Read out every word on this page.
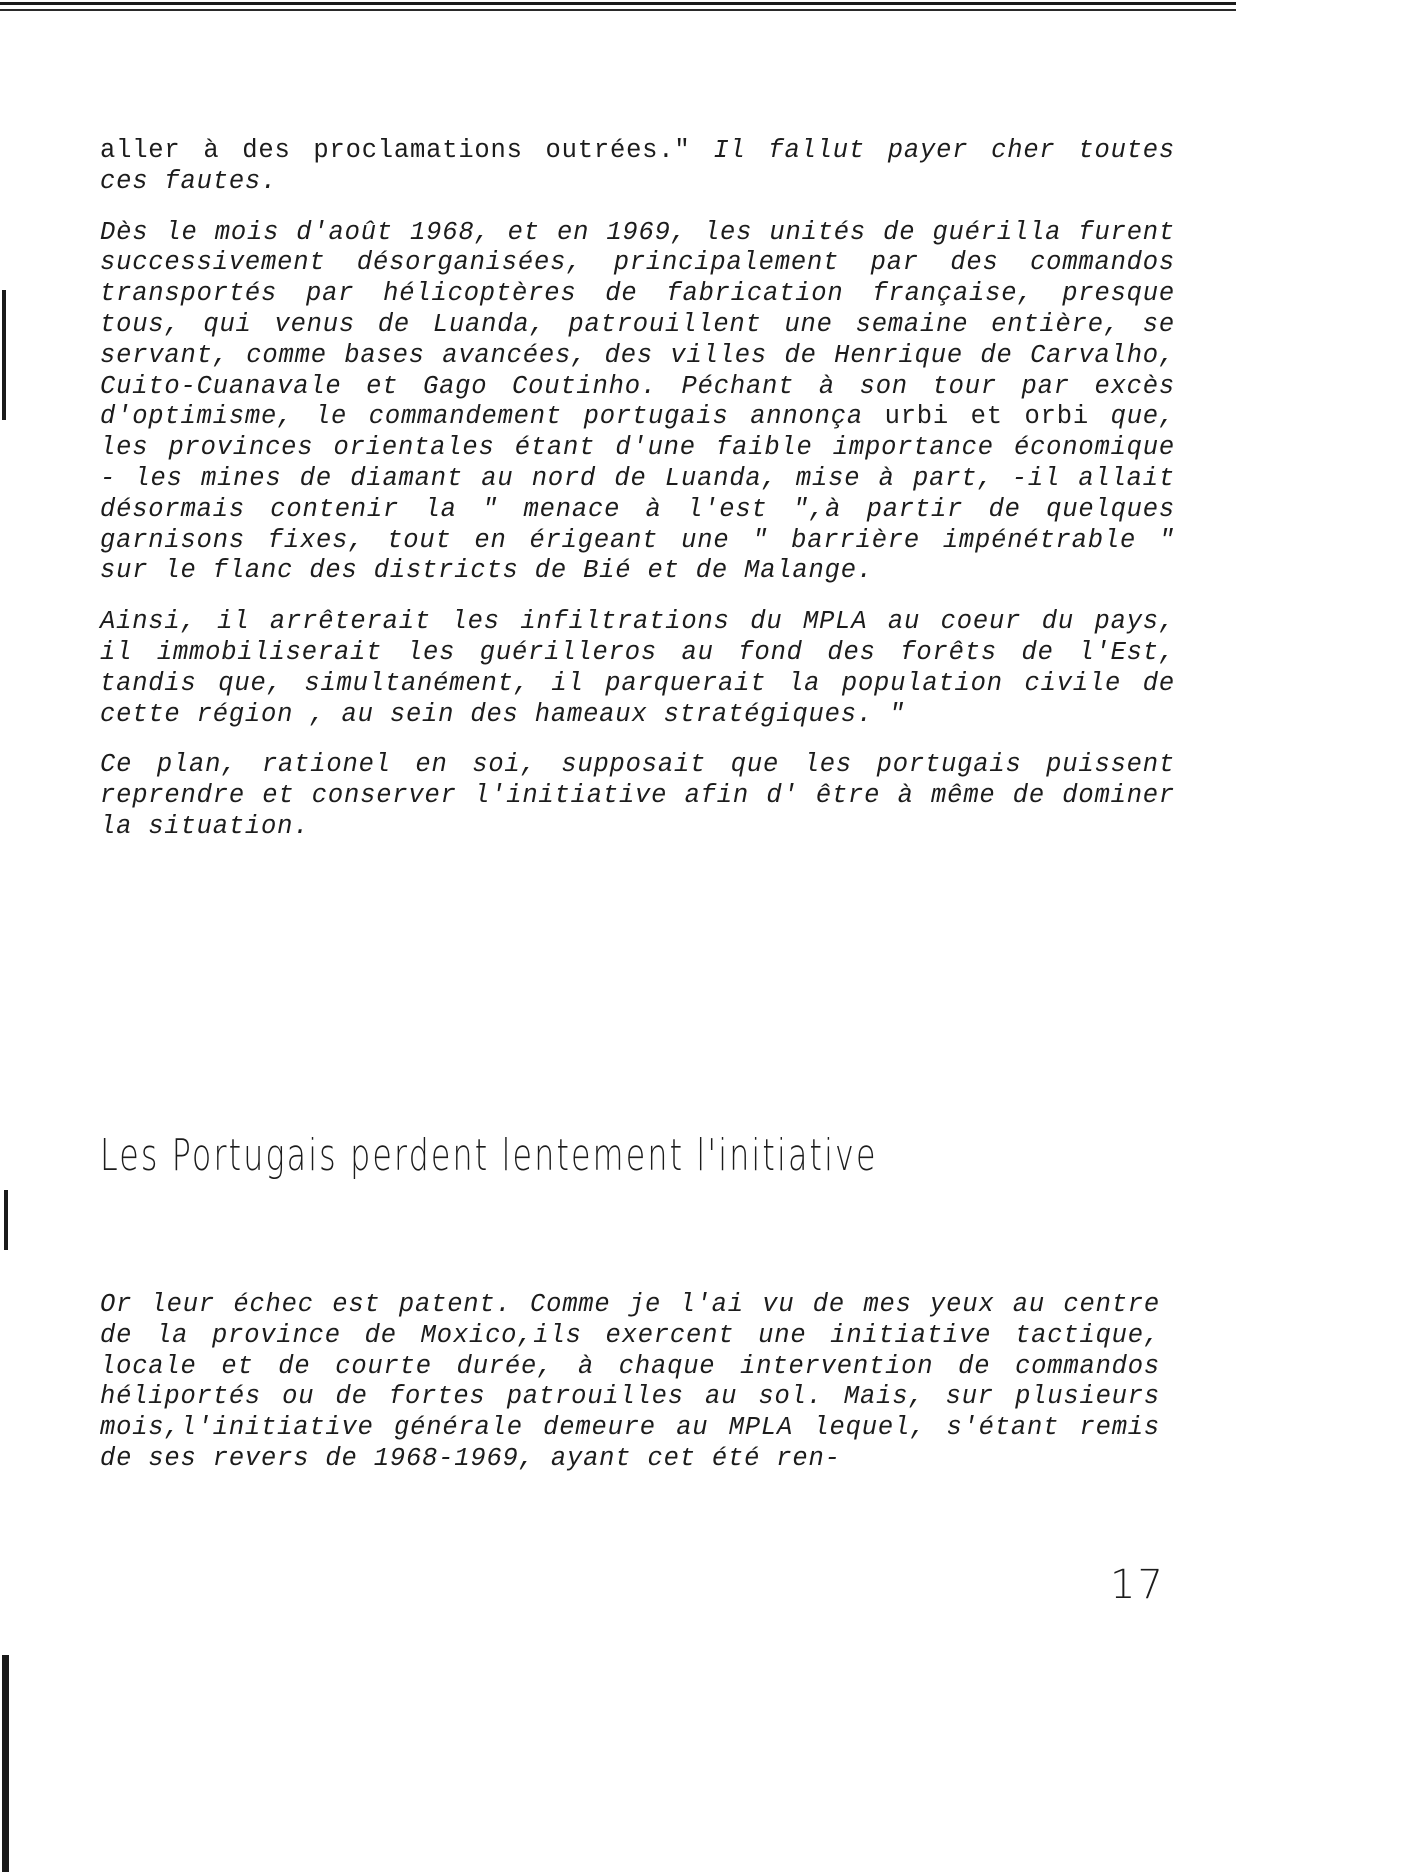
aller à des proclamations outrées." Il fallut payer cher toutes ces fautes.

Dès le mois d'août 1968, et en 1969, les unités de guérilla furent successivement désorganisées, principalement par des commandos transportés par hélicoptères de fabrication française, presque tous, qui venus de Luanda, patrouillent une semaine entière, se servant, comme bases avancées, des villes de Henrique de Carvalho, Cuito-Cuanavale et Gago Coutinho. Péchant à son tour par excès d'optimisme, le commandement portugais annonça urbi et orbi que, les provinces orientales étant d'une faible importance économique - les mines de diamant au nord de Luanda, mise à part, -il allait désormais contenir la " menace à l'est ",à partir de quelques garnisons fixes, tout en érigeant une " barrière impénétrable " sur le flanc des districts de Bié et de Malange.

Ainsi, il arrêterait les infiltrations du MPLA au coeur du pays, il immobiliserait les guérilleros au fond des forêts de l'Est, tandis que, simultanément, il parquerait la population civile de cette région , au sein des hameaux stratégiques. "

Ce plan, rationel en soi, supposait que les portugais puissent reprendre et conserver l'initiative afin d' être à même de dominer la situation.

Les Portugais perdent lentement l'initiative

Or leur échec est patent. Comme je l'ai vu de mes yeux au centre de la province de Moxico,ils exercent une initiative tactique, locale et de courte durée, à chaque intervention de commandos héliportés ou de fortes patrouilles au sol. Mais, sur plusieurs mois,l'initiative générale demeure au MPLA lequel, s'étant remis de ses revers de 1968-1969, ayant cet été ren-

17
